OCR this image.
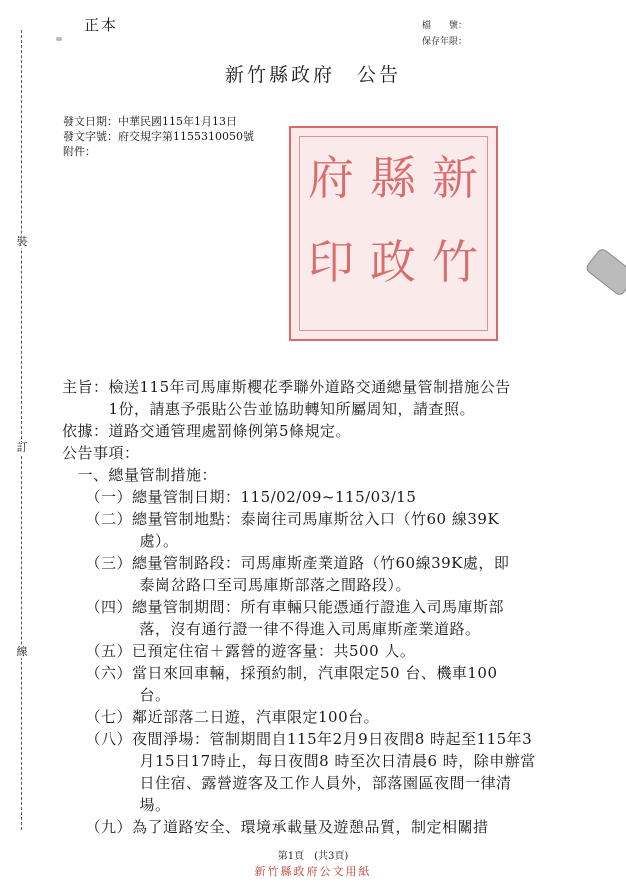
裝
訂
線
正本	檔　　號：
保存年限：
新竹縣政府　公告
發文日期：中華民國115年1月13日
發文字號：府交規字第1155310050號
附件：	新
竹
縣
政
府
印
主旨：檢送115年司馬庫斯櫻花季聯外道路交通總量管制措施公告
　　　1份，請惠予張貼公告並協助轉知所屬周知，請查照。
依據：道路交通管理處罰條例第5條規定。
公告事項：
　一、總量管制措施：
　　（一）總量管制日期：115/02/09~115/03/15
　　（二）總量管制地點：泰崗往司馬庫斯岔入口（竹60 線39K
　　　　　處）。
　　（三）總量管制路段：司馬庫斯產業道路（竹60線39K處，即
　　　　　泰崗岔路口至司馬庫斯部落之間路段）。
　　（四）總量管制期間：所有車輛只能憑通行證進入司馬庫斯部
　　　　　落，沒有通行證一律不得進入司馬庫斯產業道路。
　　（五）已預定住宿＋露營的遊客量：共500 人。
　　（六）當日來回車輛，採預約制，汽車限定50 台、機車100
　　　　　台。
　　（七）鄰近部落二日遊，汽車限定100台。
　　（八）夜間淨場：管制期間自115年2月9日夜間8 時起至115年3
　　　　　月15日17時止，每日夜間8 時至次日清晨6 時，除申辦當
　　　　　日住宿、露營遊客及工作人員外，部落園區夜間一律清
　　　　　場。
　　（九）為了道路安全、環境承載量及遊憩品質，制定相關措
第1頁　(共3頁)
新竹縣政府公文用紙
